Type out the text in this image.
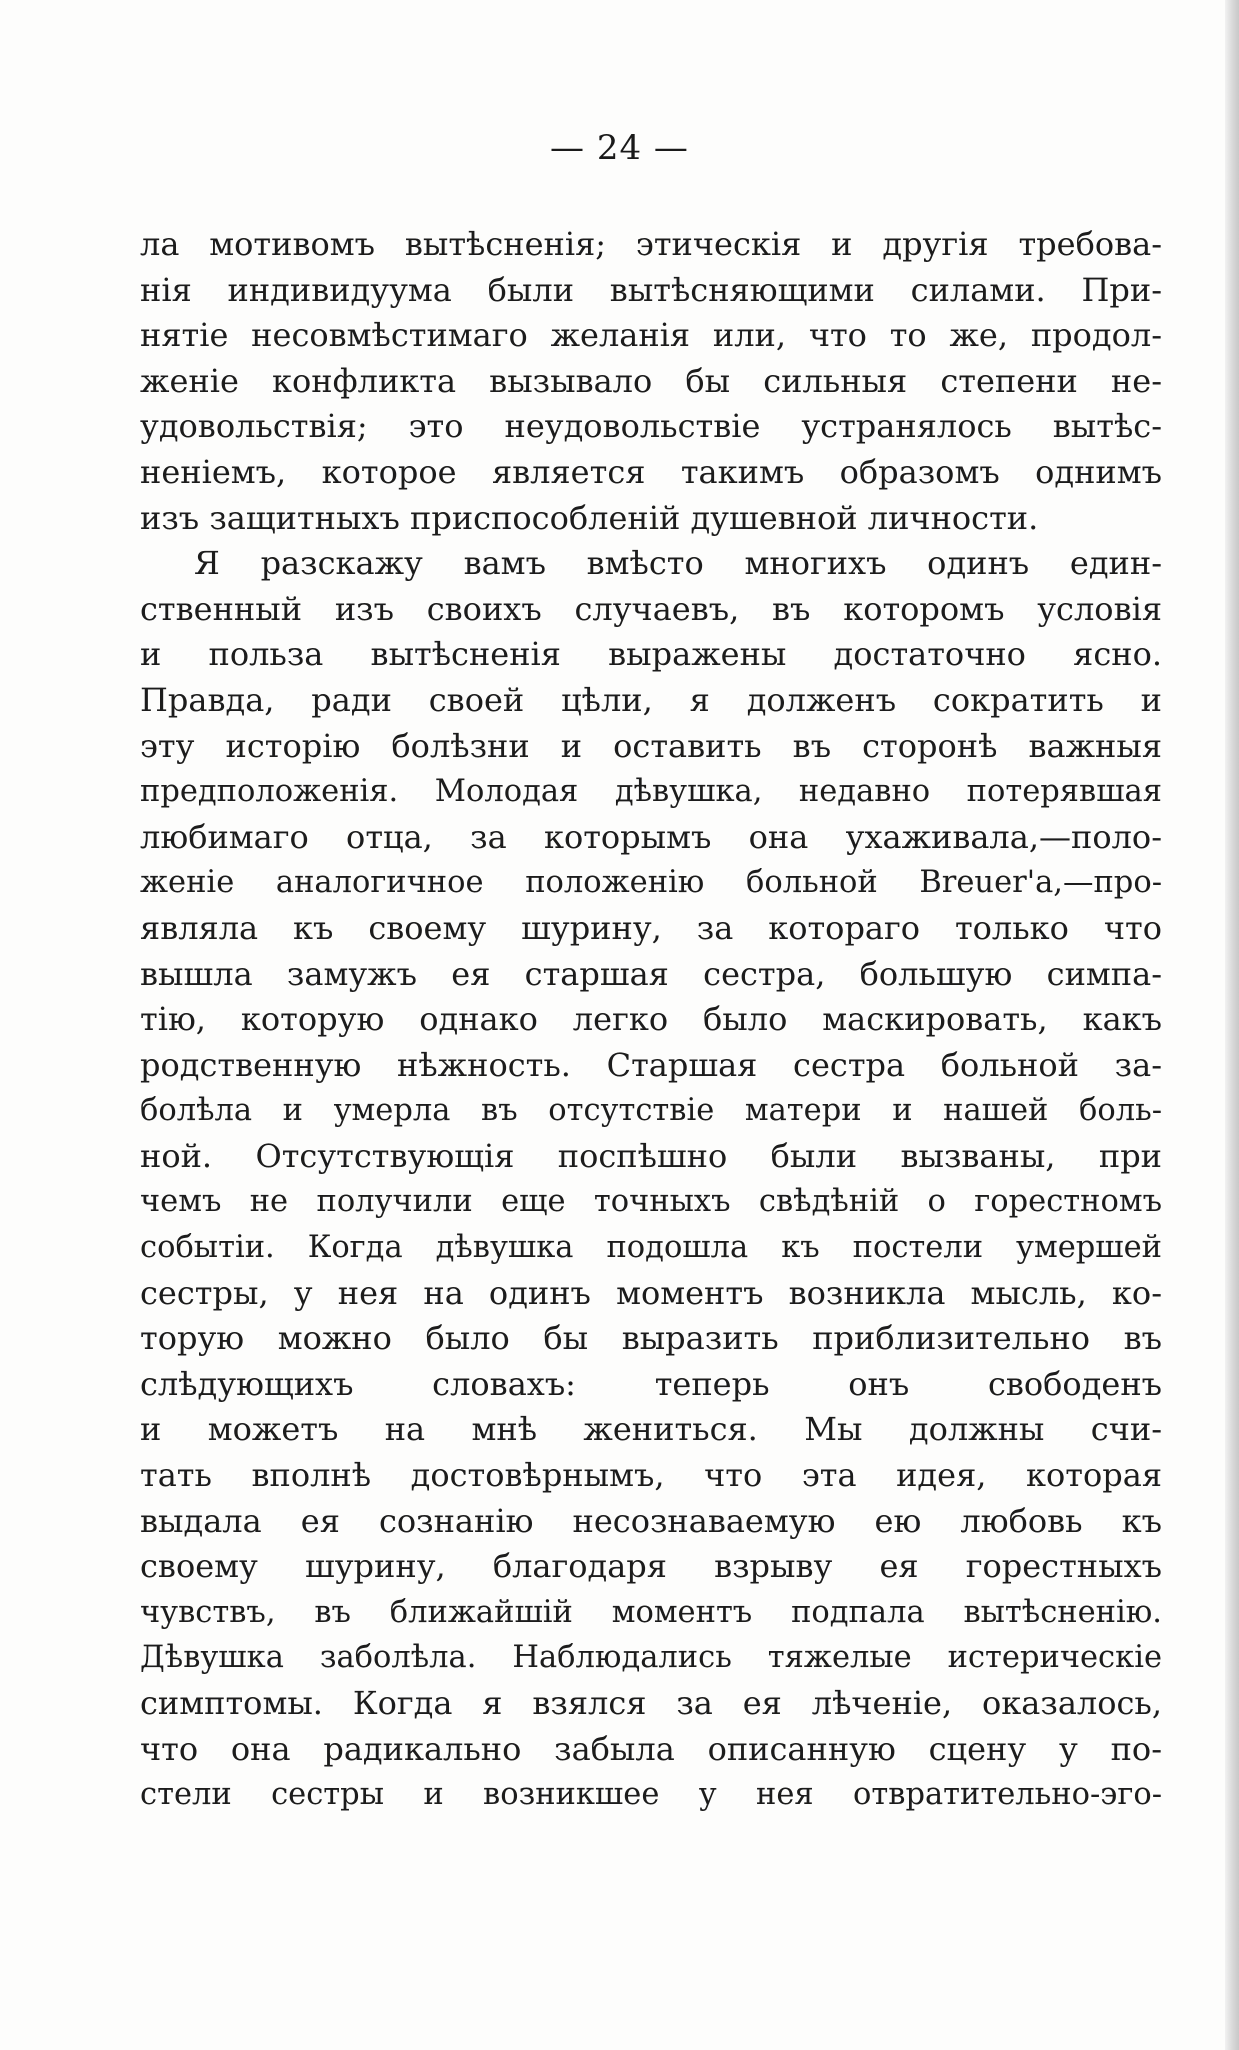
— 24 —
ла мотивомъ вытѣсненія; этическія и другія требова-
нія индивидуума были вытѣсняющими силами. При-
нятіе несовмѣстимаго желанія или, что то же, продол-
женіе конфликта вызывало бы сильныя степени не-
удовольствія; это неудовольствіе устранялось вытѣс-
неніемъ, которое является такимъ образомъ однимъ
изъ защитныхъ приспособленій душевной личности.
Я разскажу вамъ вмѣсто многихъ одинъ един-
ственный изъ своихъ случаевъ, въ которомъ условія
и польза вытѣсненія выражены достаточно ясно.
Правда, ради своей цѣли, я долженъ сократить и
эту исторію болѣзни и оставить въ сторонѣ важныя
предположенія. Молодая дѣвушка, недавно потерявшая
любимаго отца, за которымъ она ухаживала,—поло-
женіе аналогичное положенію больной Breuer'a,—про-
являла къ своему шурину, за котораго только что
вышла замужъ ея старшая сестра, большую симпа-
тію, которую однако легко было маскировать, какъ
родственную нѣжность. Старшая сестра больной за-
болѣла и умерла въ отсутствіе матери и нашей боль-
ной. Отсутствующія поспѣшно были вызваны, при
чемъ не получили еще точныхъ свѣдѣній о горестномъ
событіи. Когда дѣвушка подошла къ постели умершей
сестры, у нея на одинъ моментъ возникла мысль, ко-
торую можно было бы выразить приблизительно въ
слѣдующихъ словахъ: теперь онъ свободенъ
и можетъ на мнѣ жениться. Мы должны счи-
тать вполнѣ достовѣрнымъ, что эта идея, которая
выдала ея сознанію несознаваемую ею любовь къ
своему шурину, благодаря взрыву ея горестныхъ
чувствъ, въ ближайшій моментъ подпала вытѣсненію.
Дѣвушка заболѣла. Наблюдались тяжелые истерическіе
симптомы. Когда я взялся за ея лѣченіе, оказалось,
что она радикально забыла описанную сцену у по-
стели сестры и возникшее у нея отвратительно-эго-
